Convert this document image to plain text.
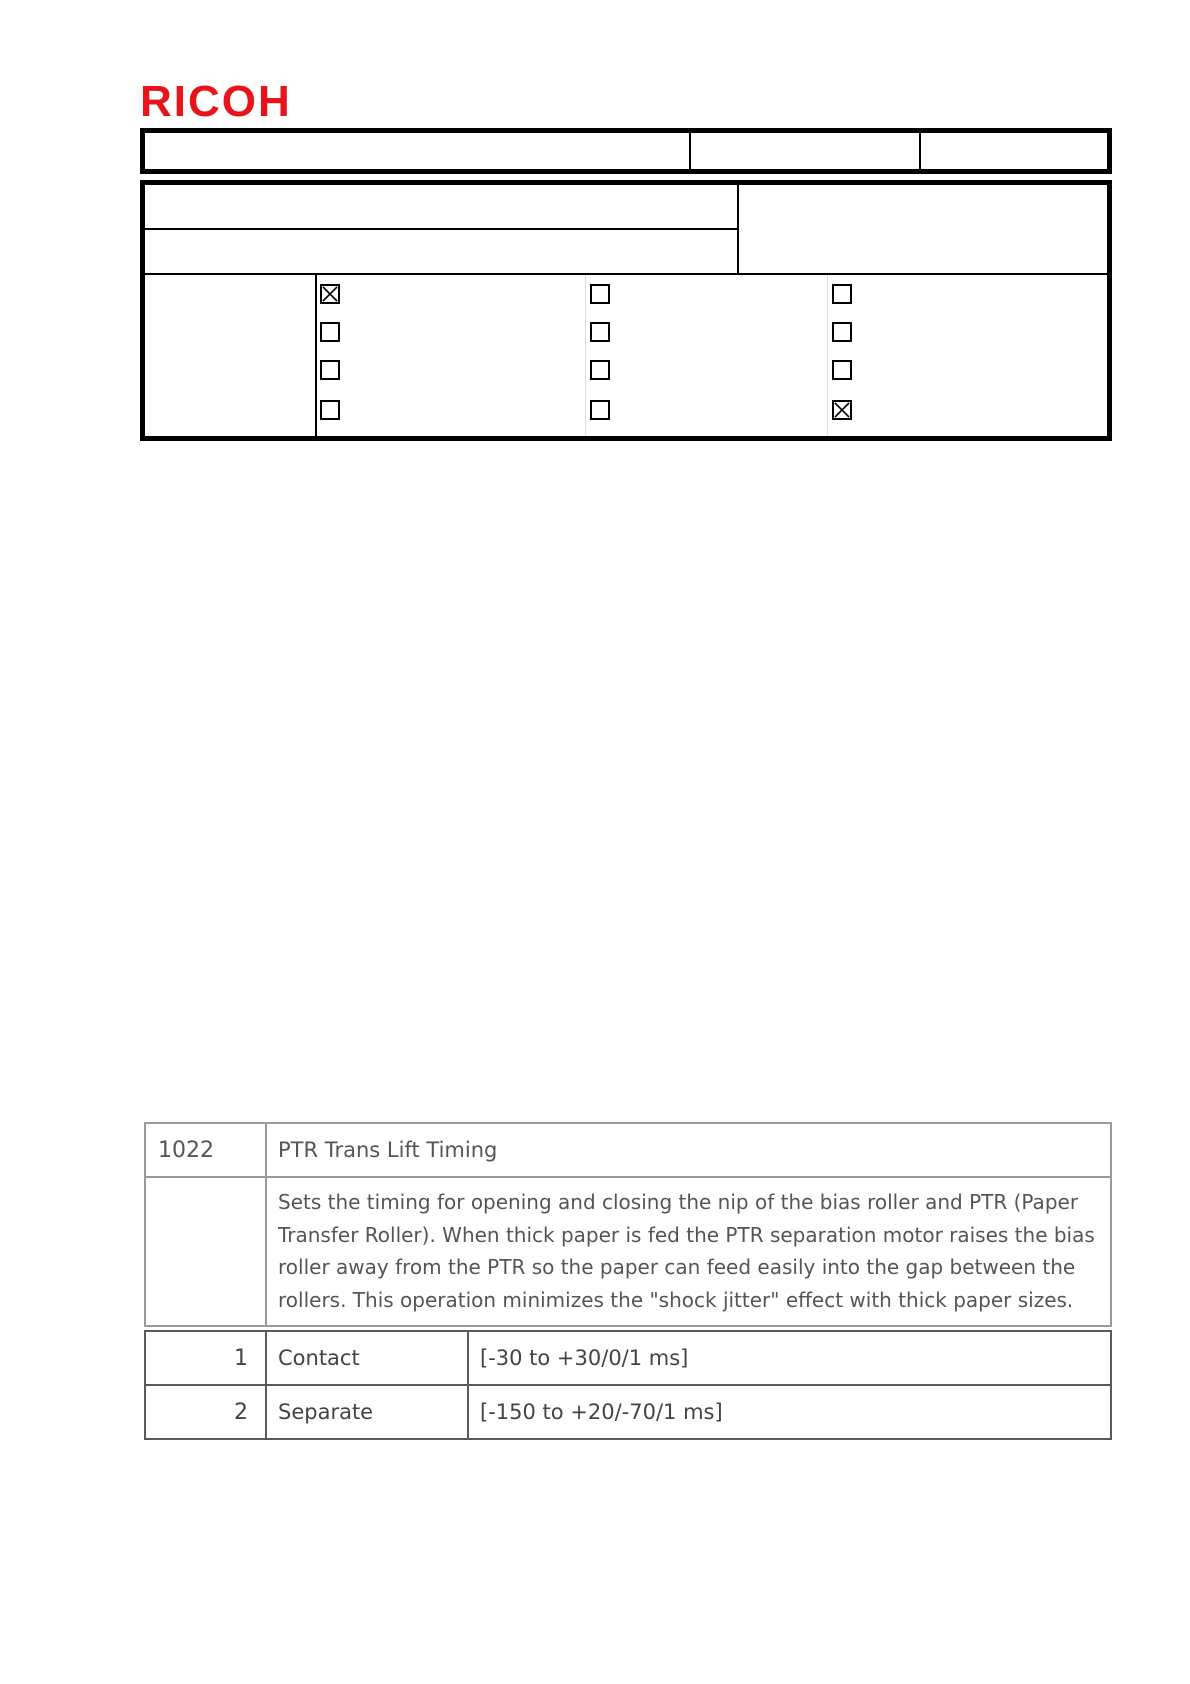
RICOH
1022	PTR Trans Lift Timing
Sets the timing for opening and closing the nip of the bias roller and PTR (Paper Transfer Roller). When thick paper is fed the PTR separation motor raises the bias roller away from the PTR so the paper can feed easily into the gap between the rollers. This operation minimizes the "shock jitter" effect with thick paper sizes.
1 Contact	[-30 to +30/0/1 ms]
2 Separate	[-150 to +20/-70/1 ms]
